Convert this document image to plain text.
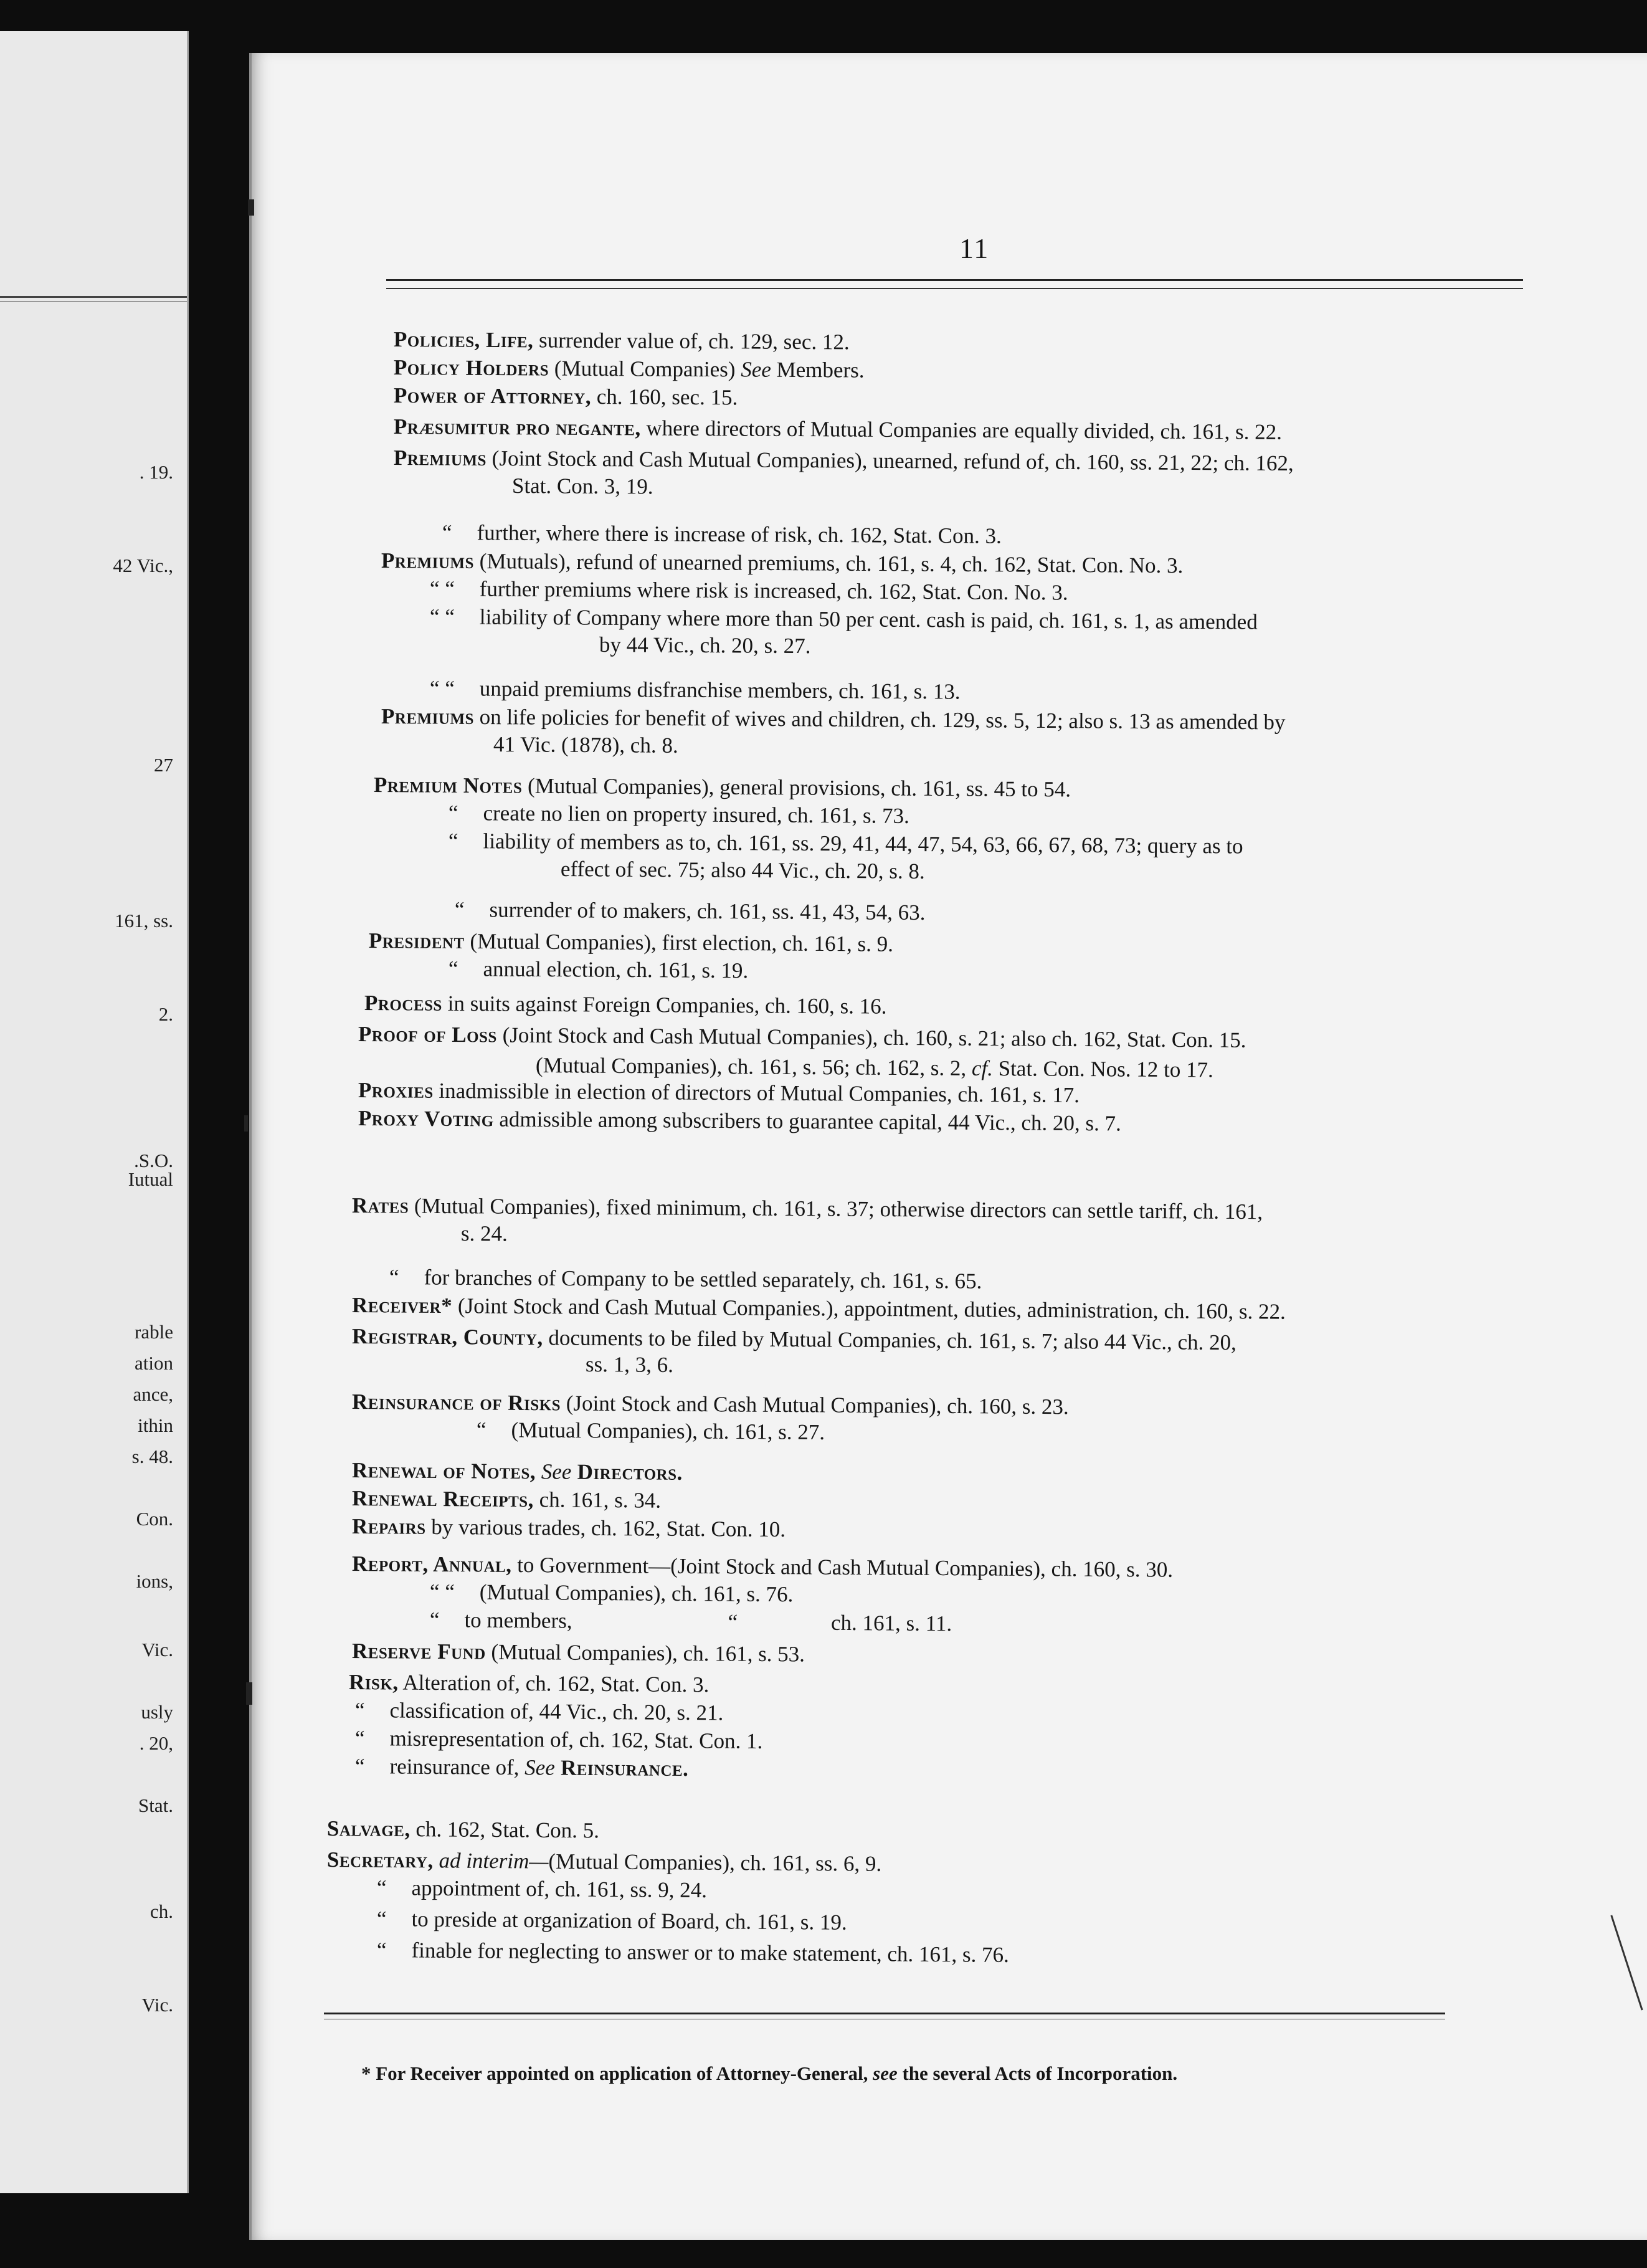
. 19.
42 Vic.,
27
161, ss.
2.
.S.O.
Iutual
rable
ation
ance,
ithin
s. 48.
Con.
ions,
Vic.
usly
. 20,
Stat.
ch.
Vic.
11
Policies, Life, surrender value of, ch. 129, sec. 12.
Policy Holders (Mutual Companies) See Members.
Power of Attorney, ch. 160, sec. 15.
Præsumitur pro negante, where directors of Mutual Companies are equally divided, ch. 161, s. 22.
Premiums (Joint Stock and Cash Mutual Companies), unearned, refund of, ch. 160, ss. 21, 22; ch. 162,
Stat. Con. 3, 19.
“ further, where there is increase of risk, ch. 162, Stat. Con. 3.
Premiums (Mutuals), refund of unearned premiums, ch. 161, s. 4, ch. 162, Stat. Con. No. 3.
“ “ further premiums where risk is increased, ch. 162, Stat. Con. No. 3.
“ “ liability of Company where more than 50 per cent. cash is paid, ch. 161, s. 1, as amended
by 44 Vic., ch. 20, s. 27.
“ “ unpaid premiums disfranchise members, ch. 161, s. 13.
Premiums on life policies for benefit of wives and children, ch. 129, ss. 5, 12; also s. 13 as amended by
41 Vic. (1878), ch. 8.
Premium Notes (Mutual Companies), general provisions, ch. 161, ss. 45 to 54.
“ create no lien on property insured, ch. 161, s. 73.
“ liability of members as to, ch. 161, ss. 29, 41, 44, 47, 54, 63, 66, 67, 68, 73; query as to
effect of sec. 75; also 44 Vic., ch. 20, s. 8.
“ surrender of to makers, ch. 161, ss. 41, 43, 54, 63.
President (Mutual Companies), first election, ch. 161, s. 9.
“ annual election, ch. 161, s. 19.
Process in suits against Foreign Companies, ch. 160, s. 16.
Proof of Loss (Joint Stock and Cash Mutual Companies), ch. 160, s. 21; also ch. 162, Stat. Con. 15.
(Mutual Companies), ch. 161, s. 56; ch. 162, s. 2, cf. Stat. Con. Nos. 12 to 17.
Proxies inadmissible in election of directors of Mutual Companies, ch. 161, s. 17.
Proxy Voting admissible among subscribers to guarantee capital, 44 Vic., ch. 20, s. 7.
Rates (Mutual Companies), fixed minimum, ch. 161, s. 37; otherwise directors can settle tariff, ch. 161,
s. 24.
“ for branches of Company to be settled separately, ch. 161, s. 65.
Receiver* (Joint Stock and Cash Mutual Companies.), appointment, duties, administration, ch. 160, s. 22.
Registrar, County, documents to be filed by Mutual Companies, ch. 161, s. 7; also 44 Vic., ch. 20,
ss. 1, 3, 6.
Reinsurance of Risks (Joint Stock and Cash Mutual Companies), ch. 160, s. 23.
“ (Mutual Companies), ch. 161, s. 27.
Renewal of Notes, See Directors.
Renewal Receipts, ch. 161, s. 34.
Repairs by various trades, ch. 162, Stat. Con. 10.
Report, Annual, to Government—(Joint Stock and Cash Mutual Companies), ch. 160, s. 30.
“ “ (Mutual Companies), ch. 161, s. 76.
“ to members,	“	ch. 161, s. 11.
Reserve Fund (Mutual Companies), ch. 161, s. 53.
Risk, Alteration of, ch. 162, Stat. Con. 3.
“ classification of, 44 Vic., ch. 20, s. 21.
“ misrepresentation of, ch. 162, Stat. Con. 1.
“ reinsurance of, See Reinsurance.
Salvage, ch. 162, Stat. Con. 5.
Secretary, ad interim—(Mutual Companies), ch. 161, ss. 6, 9.
“ appointment of, ch. 161, ss. 9, 24.
“ to preside at organization of Board, ch. 161, s. 19.
“ finable for neglecting to answer or to make statement, ch. 161, s. 76.
* For Receiver appointed on application of Attorney-General, see the several Acts of Incorporation.
